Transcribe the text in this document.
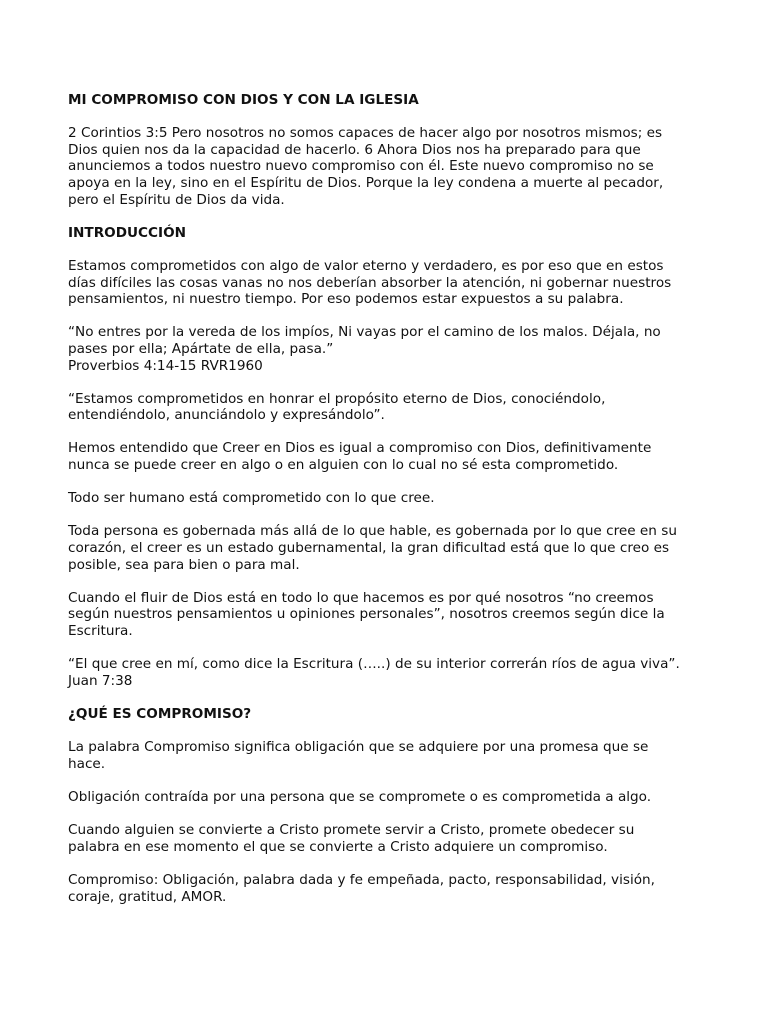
MI COMPROMISO CON DIOS Y CON LA IGLESIA

2 Corintios 3:5 Pero nosotros no somos capaces de hacer algo por nosotros mismos; es
Dios quien nos da la capacidad de hacerlo. 6 Ahora Dios nos ha preparado para que
anunciemos a todos nuestro nuevo compromiso con él. Este nuevo compromiso no se
apoya en la ley, sino en el Espíritu de Dios. Porque la ley condena a muerte al pecador,
pero el Espíritu de Dios da vida.

INTRODUCCIÓN

Estamos comprometidos con algo de valor eterno y verdadero, es por eso que en estos
días difíciles las cosas vanas no nos deberían absorber la atención, ni gobernar nuestros
pensamientos, ni nuestro tiempo. Por eso podemos estar expuestos a su palabra.

“No entres por la vereda de los impíos, Ni vayas por el camino de los malos. Déjala, no
pases por ella; Apártate de ella, pasa.”
Proverbios 4:14-15 RVR1960

“Estamos comprometidos en honrar el propósito eterno de Dios, conociéndolo,
entendiéndolo, anunciándolo y expresándolo”.

Hemos entendido que Creer en Dios es igual a compromiso con Dios, definitivamente
nunca se puede creer en algo o en alguien con lo cual no sé esta comprometido.

Todo ser humano está comprometido con lo que cree.

Toda persona es gobernada más allá de lo que hable, es gobernada por lo que cree en su
corazón, el creer es un estado gubernamental, la gran dificultad está que lo que creo es
posible, sea para bien o para mal.

Cuando el fluir de Dios está en todo lo que hacemos es por qué nosotros “no creemos
según nuestros pensamientos u opiniones personales”, nosotros creemos según dice la
Escritura.

“El que cree en mí, como dice la Escritura (…..) de su interior correrán ríos de agua viva”.
Juan 7:38

¿QUÉ ES COMPROMISO?

La palabra Compromiso significa obligación que se adquiere por una promesa que se
hace.

Obligación contraída por una persona que se compromete o es comprometida a algo.

Cuando alguien se convierte a Cristo promete servir a Cristo, promete obedecer su
palabra en ese momento el que se convierte a Cristo adquiere un compromiso.

Compromiso: Obligación, palabra dada y fe empeñada, pacto, responsabilidad, visión,
coraje, gratitud, AMOR.
